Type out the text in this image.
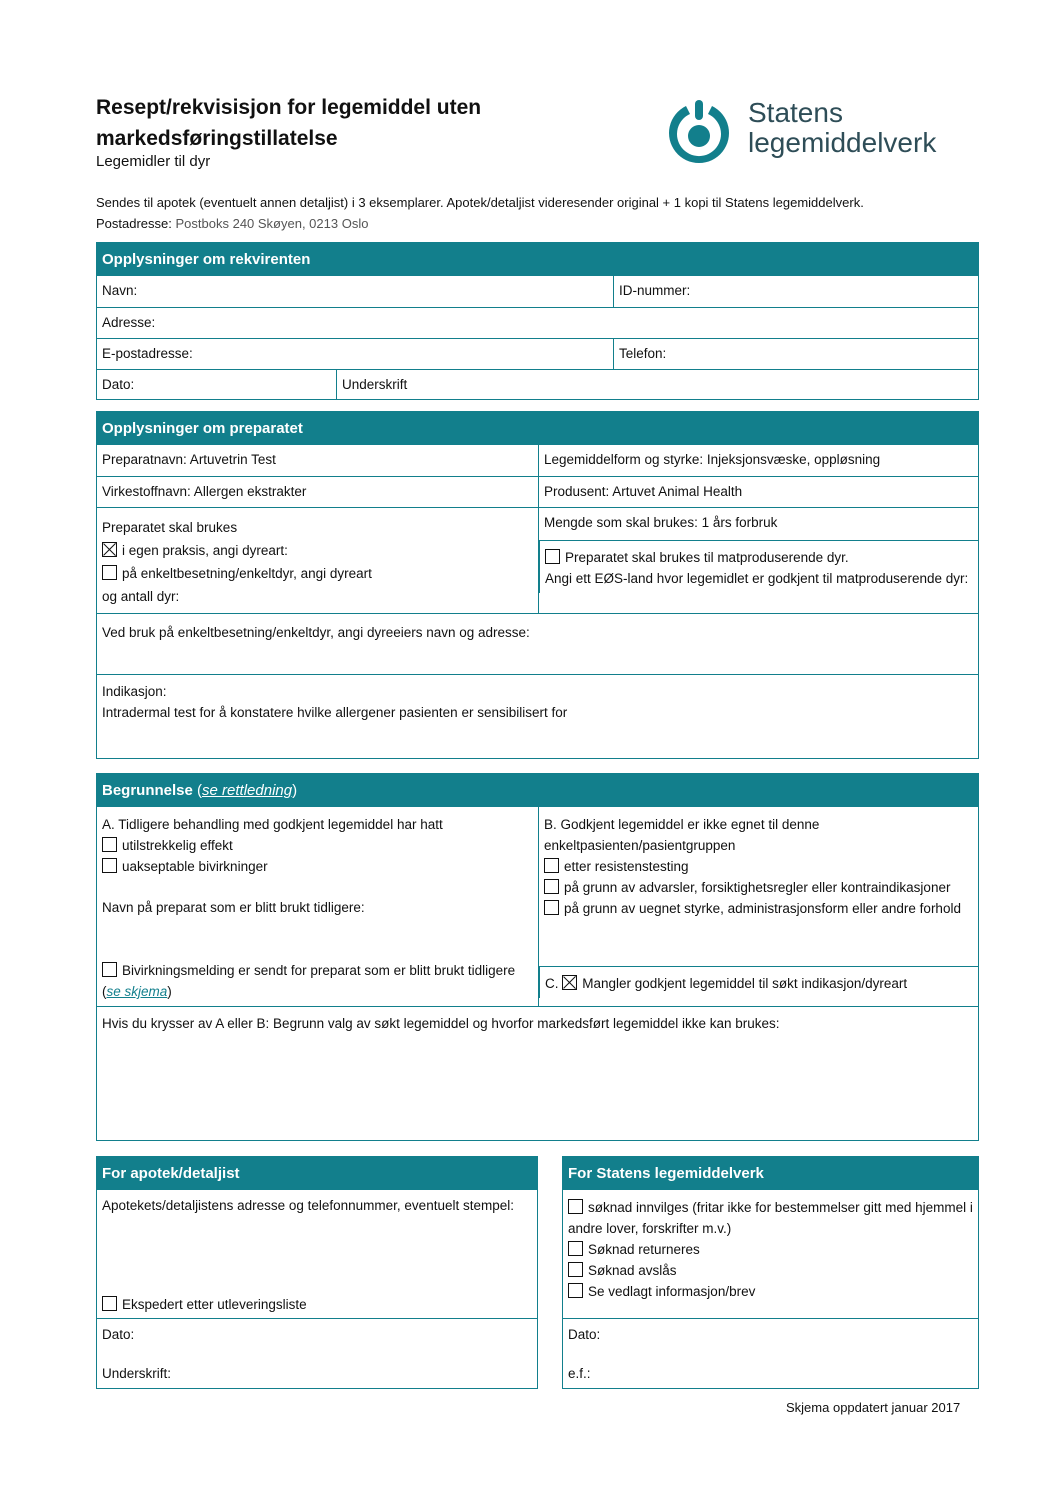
Resept/rekvisisjon for legemiddel uten markedsføringstillatelse
Legemidler til dyr
Statens
legemiddelverk
Sendes til apotek (eventuelt annen detaljist) i 3 eksemplarer. Apotek/detaljist videresender original + 1 kopi til Statens legemiddelverk.
Postadresse: Postboks 240 Skøyen, 0213 Oslo
Opplysninger om rekvirenten
Navn:	ID-nummer:
Adresse:
E-postadresse:	Telefon:
Dato:	Underskrift
Opplysninger om preparatet
Preparatnavn: Artuvetrin Test	Legemiddelform og styrke: Injeksjonsvæske, oppløsning
Virkestoffnavn: Allergen ekstrakter	Produsent: Artuvet Animal Health
Preparatet skal brukes
i egen praksis, angi dyreart:
på enkeltbesetning/enkeltdyr, angi dyreart
og antall dyr:
Mengde som skal brukes: 1 års forbruk
Preparatet skal brukes til matproduserende dyr.
Angi ett EØS-land hvor legemidlet er godkjent til matproduserende dyr:
Ved bruk på enkeltbesetning/enkeltdyr, angi dyreeiers navn og adresse:
Indikasjon:
Intradermal test for å konstatere hvilke allergener pasienten er sensibilisert for
Begrunnelse (se rettledning)
A. Tidligere behandling med godkjent legemiddel har hatt
utilstrekkelig effekt
uakseptable bivirkninger
Navn på preparat som er blitt brukt tidligere:
Bivirkningsmelding er sendt for preparat som er blitt brukt tidligere (se skjema)
B. Godkjent legemiddel er ikke egnet til denne enkeltpasienten/pasientgruppen
etter resistenstesting
på grunn av advarsler, forsiktighetsregler eller kontraindikasjoner
på grunn av uegnet styrke, administrasjonsform eller andre forhold
C. Mangler godkjent legemiddel til søkt indikasjon/dyreart
Hvis du krysser av A eller B: Begrunn valg av søkt legemiddel og hvorfor markedsført legemiddel ikke kan brukes:
For apotek/detaljist
Apotekets/detaljistens adresse og telefonnummer, eventuelt stempel:
Ekspedert etter utleveringsliste
Dato:
Underskrift:
For Statens legemiddelverk
søknad innvilges (fritar ikke for bestemmelser gitt med hjemmel i andre lover, forskrifter m.v.)
Søknad returneres
Søknad avslås
Se vedlagt informasjon/brev
Dato:
e.f.:
Skjema oppdatert januar 2017
